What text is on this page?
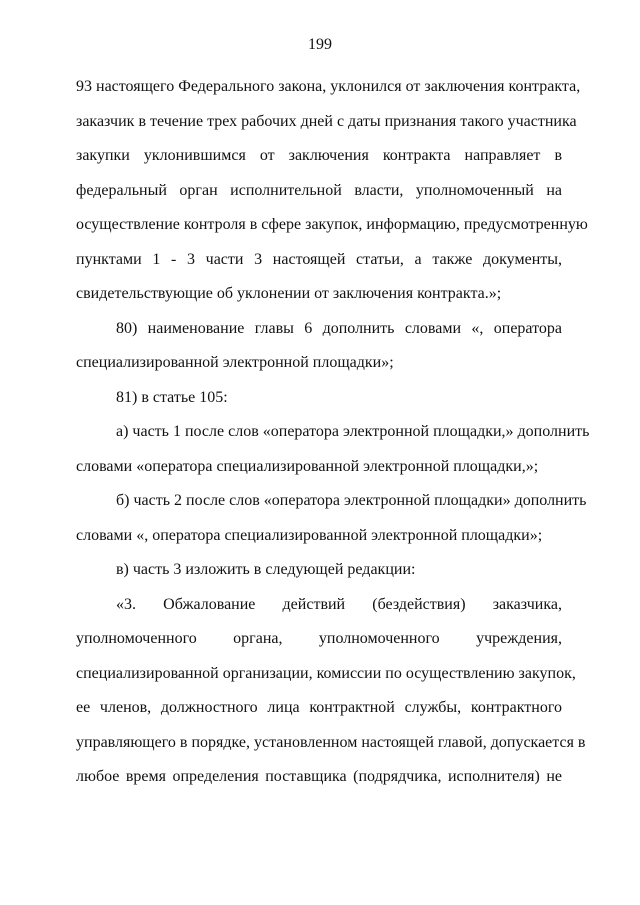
199
93 настоящего Федерального закона, уклонился от заключения контракта,
заказчик в течение трех рабочих дней с даты признания такого участника
закупки уклонившимся от заключения контракта направляет в
федеральный орган исполнительной власти, уполномоченный на
осуществление контроля в сфере закупок, информацию, предусмотренную
пунктами 1 - 3 части 3 настоящей статьи, а также документы,
свидетельствующие об уклонении от заключения контракта.»;
80) наименование главы 6 дополнить словами «, оператора
специализированной электронной площадки»;
81) в статье 105:
а) часть 1 после слов «оператора электронной площадки,» дополнить
словами «оператора специализированной электронной площадки,»;
б) часть 2 после слов «оператора электронной площадки» дополнить
словами «, оператора специализированной электронной площадки»;
в) часть 3 изложить в следующей редакции:
«3. Обжалование действий (бездействия) заказчика,
уполномоченного органа, уполномоченного учреждения,
специализированной организации, комиссии по осуществлению закупок,
ее членов, должностного лица контрактной службы, контрактного
управляющего в порядке, установленном настоящей главой, допускается в
любое время определения поставщика (подрядчика, исполнителя) не
